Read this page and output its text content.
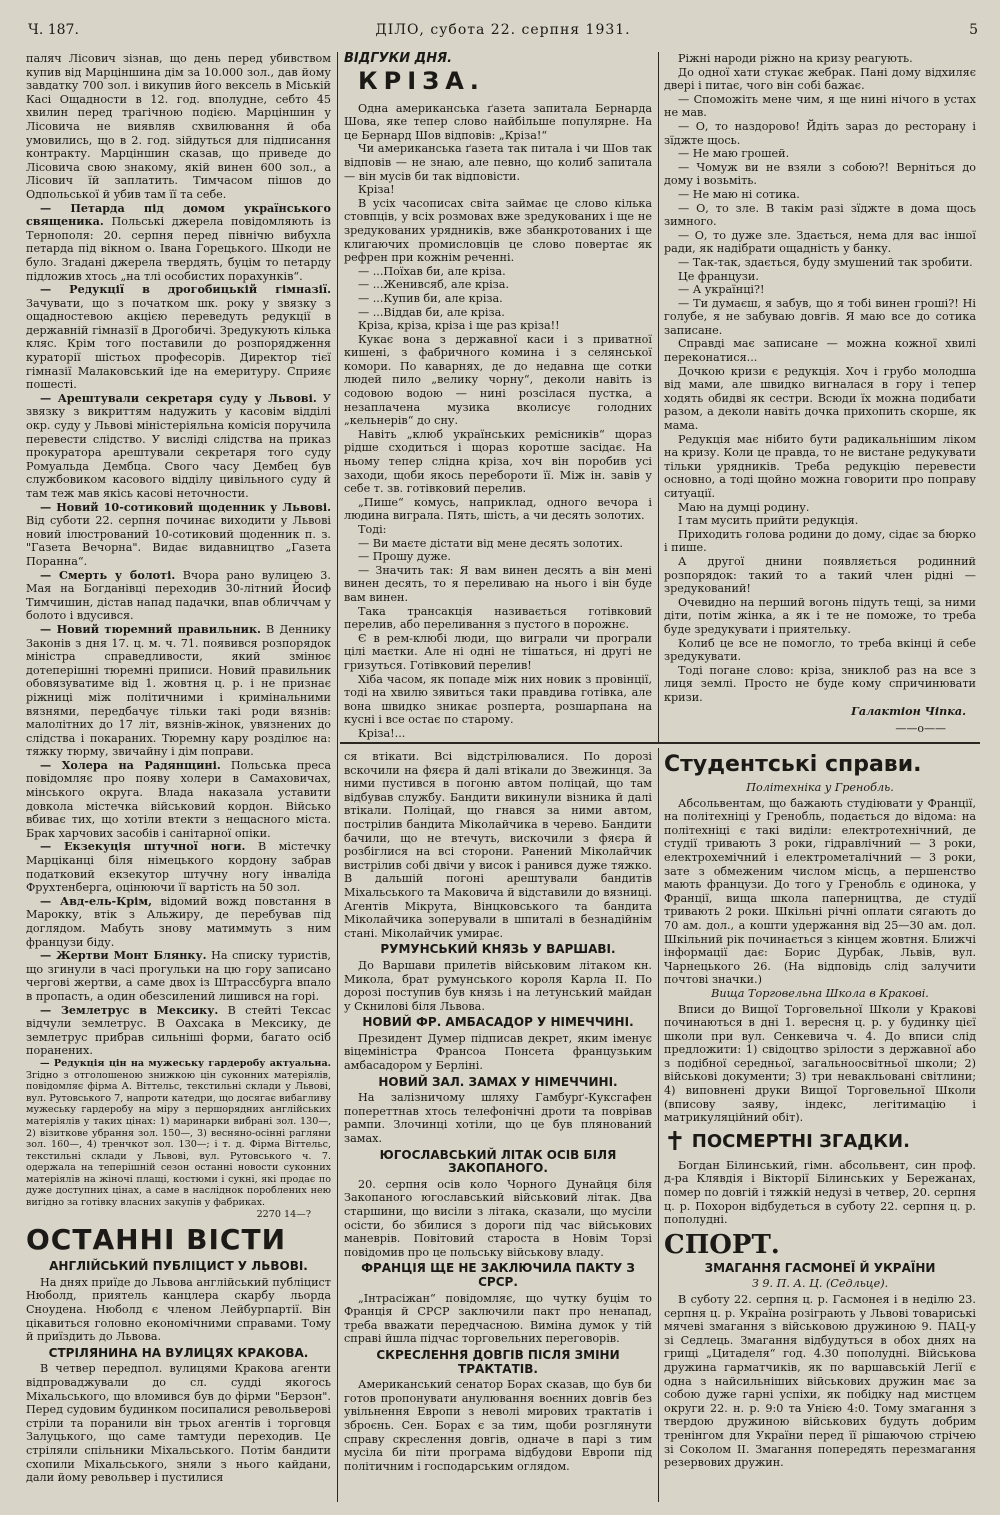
Ч. 187.	ДІЛО, субота 22. серпня 1931.	5

паляч Лісович зізнав, що день перед убивством купив від Марціншина дім за 10.000 зол., дав йому завдатку 700 зол. і викупив його вексель в Міській Касі Ощадности в 12. год. вполудне, себто 45 хвилин перед трагічною подією. Марціншин у Лісовича не виявляв схвилювання й оба умовились, що в 2. год. зійдуться для підписання контракту. Марціншин сказав, що приведе до Лісовича свою знакому, якій винен 600 зол., а Лісович їй заплатить. Тимчасом пішов до Одпольської й убив там її та себе.

— Петарда під домом українського священика. Польські джерела повідомляють із Тернополя: 20. серпня перед північю вибухла петарда під вікном о. Івана Горецького. Шкоди не було. Згадані джерела твердять, буцім то петарду підложив хтось „на тлі особистих порахунків“.

— Редукції в дрогобицькій гімназії. Зачувати, що з початком шк. року у звязку з ощадностевою акцією переведуть редукції в державній гімназії в Дрогобичі. Зредукують кілька кляс. Крім того поставили до розпорядження кураторії шістьох професорів. Директор тієї гімназії Малаковський іде на емеритуру. Сприяє пошесті.

— Арештували секретаря суду у Львові. У звязку з викриттям надужить у касовім відділі окр. суду у Львові міністеріяльна комісія поручила перевести слідство. У висліді слідства на приказ прокуратора арештували секретаря того суду Ромуальда Дембца. Свого часу Дембец був службовиком касового відділу цивільного суду й там теж мав якісь касові неточности.

— Новий 10-сотиковий щоденник у Львові. Від суботи 22. серпня починає виходити у Львові новий ілюстрований 10-сотиковий щоденник п. з. "Газета Вечорна". Видає видавництво „Газета Поранна“.

— Смерть у болоті. Вчора рано вулицею 3. Мая на Богданівці переходив 30-літний Йосиф Тимчишин, дістав напад падачки, впав обличчам у болото і вдусився.

— Новий тюремний правильник. В Деннику Законів з дня 17. ц. м. ч. 71. появився розпорядок міністра справедливости, який змінює дотеперішні тюремні приписи. Новий правильник обовязуватиме від 1. жовтня ц. р. і не признає ріжниці між політичними і кримінальними вязнями, передбачує тільки такі роди вязнів: малолітних до 17 літ, вязнів-жінок, увязнених до слідства і покараних. Тюремну кару розділює на: тяжку тюрму, звичайну і дім поправи.

— Холера на Радянщині. Польська преса повідомляє про появу холери в Самаховичах, мінського округа. Влада наказала уставити довкола містечка військовий кордон. Військо вбиває тих, що хотіли втекти з нещасного міста. Брак харчових засобів і санітарної опіки.

— Екзекуція штучної ноги. В містечку Марціканці біля німецького кордону забрав податковий екзекутор штучну ногу інваліда Фрухтенберга, оцінюючи її вартість на 50 зол.

— Авд-ель-Крім, відомий вожд повстання в Марокку, втік з Альжиру, де перебував під доглядом. Мабуть знову матиммуть з ним французи біду.

— Жертви Монт Блянку. На списку туристів, що згинули в часі прогульки на цю гору записано чергові жертви, а саме двох із Штрассбурга впало в пропасть, а один обезсилений лишився на горі.

— Землетрус в Мексику. В стейті Тексас відчули землетрус. В Оахсака в Мексику, де землетрус прибрав сильніші форми, багато осіб поранених.

— Редукція цін на мужеську гардеробу актуальна. Згідно з отголошеною знижкою цін суконних матеріялів, повідомляє фірма А. Віттельс, текстильні склади у Львові, вул. Рутовського 7, напроти катедри, що досягає вибагливу мужеську гардеробу на міру з першорядних англійських матеріялів у таких цінах: 1) маринарки вибрані зол. 130—, 2) візиткове убрання зол. 150—, 3) весняно-осінні рагляни зол. 160—, 4) тренчкот зол. 130—; і т. д. Фірма Віттельс, текстильні склади у Львові, вул. Рутовського ч. 7. одержала на теперішній сезон останні новости суконних матеріялів на жіночі плащі, костюми і сукні, які продає по дуже доступних цінах, а саме в насліднок пороблених нею вигідно за готівку власних закупів у фабриках.

2270 14—?
ОСТАННІ ВІСТИ
АНГЛІЙСЬКИЙ ПУБЛІЦИСТ У ЛЬВОВІ.

На днях приїде до Львова англійський публіцист Нюболд, приятель канцлера скарбу льорда Сноудена. Нюболд є членом Лейбурпартії. Він цікавиться головно економічними справами. Тому й приїздить до Львова.

СТРІЛЯНИНА НА ВУЛИЦЯХ КРАКОВА.

В четвер передпол. вулицями Кракова агенти відпроваджували до сл. судді якогось Міхальського, що вломився був до фірми "Берзон". Перед судовим будинком посипалися револьверові стріли та поранили він трьох агентів і торговця Залуцького, що саме тамтуди переходив. Це стріляли спільники Міхальського. Потім бандити схопили Міхальського, зняли з нього кайдани, дали йому револьвер і пустилися

ВІДГУКИ ДНЯ.
КРІЗА.

Одна американська ґазета запитала Бернарда Шова, яке тепер слово найбільше популярне. На це Бернард Шов відповів: „Кріза!“

Чи американська ґазета так питала і чи Шов так відповів — не знаю, але певно, що колиб запитала — він мусів би так відповісти.

Кріза!

В усіх часописах світа займає це слово кілька стовпців, у всіх розмовах вже зредукованих і ще не зредукованих урядників, вже збанкротованих і ще клигаючих промисловців це слово повертає як рефрен при кожнім реченні.

— ...Поїхав би, але кріза.

— ...Женивсяб, але кріза.

— ...Купив би, але кріза.

— ...Віддав би, але кріза.

Кріза, кріза, кріза і ще раз кріза!!

Кукає вона з державної каси і з приватної кишені, з фабричного комина і з селянської комори. По каварнях, де до недавна ще сотки людей пило „велику чорну“, деколи навіть із содовою водою — нині розсілася пустка, а незаплачена музика вколисує голодних „кельнерів“ до сну.

Навіть „клюб українських ремісників“ щораз рідше сходиться і щораз коротше засідає. На ньому тепер слідна кріза, хоч він поробив усі заходи, щоби якось перебороти її. Між ін. завів у себе т. зв. готівковий перелив.

„Пише“ комусь, наприклад, одного вечора і людина виграла. Пять, шість, а чи десять золотих.

Тоді:

— Ви маєте дістати від мене десять золотих.

— Прошу дуже.

— Значить так: Я вам винен десять а він мені винен десять, то я переливаю на нього і він буде вам винен.

Така трансакція називається готівковий перелив, або переливання з пустого в порожнє.

Є в рем-клюбі люди, що виграли чи програли цілі маєтки. Але ні одні не тішаться, ні другі не гризуться. Готівковий перелив!

Хіба часом, як попаде між них новик з провінції, тоді на хвилю зявиться таки правдива готівка, але вона швидко зникає розперта, розшарпана на кусні і все остає по старому.

Кріза!...

Ріжні народи ріжно на кризу реагують.

До одної хати стукає жебрак. Пані дому відхиляє двері і питає, чого він собі бажає.

— Споможіть мене чим, я ще нині нічого в устах не мав.

— О, то наздорово! Йдіть зараз до ресторану і зїджте щось.

— Не маю грошей.

— Чомуж ви не взяли з собою?! Верніться до дому і возьміть.

— Не маю ні сотика.

— О, то зле. В такім разі зїджте в дома щось зимного.

— О, то дуже зле. Здається, нема для вас іншої ради, як надібрати ощадність у банку.

— Так-так, здається, буду змушений так зробити.

Це французи.

— А українці?!

— Ти думаєш, я забув, що я тобі винен гроші?! Ні голубе, я не забуваю довгів. Я маю все до сотика записане.

Справді має записане — можна кожної хвилі переконатися...

Дочкою кризи є редукція. Хоч і грубо молодша від мами, але швидко вигналася в гору і тепер ходять обидві як сестри. Всюди їх можна подибати разом, а деколи навіть дочка прихопить скорше, як мама.

Редукція має нібито бути радикальнішим ліком на кризу. Коли це правда, то не вистане редукувати тільки урядників. Треба редукцію перевести основно, а тоді щойно можна говорити про поправу ситуації.

Маю на думці родину.

І там мусить прийти редукція.

Приходить голова родини до дому, сідає за бюрко і пише.

А другої днини появляється родинний розпорядок: такий то а такий член рідні — зредукований!

Очевидно на перший вогонь підуть тещі, за ними діти, потім жінка, а як і те не поможе, то треба буде зредукувати і приятельку.

Колиб це все не помогло, то треба вкінці й себе зредукувати.

Тоді погане слово: кріза, зниклоб раз на все з лиця землі. Просто не буде кому спричинювати кризи.

Галактіон Чіпка.

——о——

ся втікати. Всі відстрілювалися. По дорозі вскочили на фяєра й далі втікали до Звежинця. За ними пустився в погоню автом поліцай, що там відбував службу. Бандити викинули візника й далі втікали. Поліцай, що гнався за ними автом, пострілив бандита Міколайчика в черево. Бандити бачили, що не втечуть, вискочили з фяєра й розбіглися на всі сторони. Ранений Міколайчик вистрілив собі двічи у висок і ранився дуже тяжко. В дальшій погоні арештували бандитів Міхальського та Маковича й відставили до вязниці. Агентів Мікрута, Вінцковського та бандита Міколайчика зоперували в шпиталі в безнадійнім стані. Міколайчик умирає.

РУМУНСЬКИЙ КНЯЗЬ У ВАРШАВІ.

До Варшави прилетів військовим літаком кн. Микола, брат румунського короля Карла II. По дорозі поступив був князь і на летунський майдан у Скнилові біля Львова.

НОВИЙ ФР. АМБАСАДОР У НІМЕЧЧИНІ.

Президент Думер підписав декрет, яким іменує віцеміністра Франсоа Понсета французьким амбасадором у Берліні.

НОВИЙ ЗАЛ. ЗАМАХ У НІМЕЧЧИНІ.

На залізничому шляху Гамбурґ-Куксгафен попереттнав хтось телефонічні дроти та поврівав рампи. Злочинці хотіли, що це був плянований замах.

ЮГОСЛАВСЬКИЙ ЛІТАК ОСІВ БІЛЯ ЗАКОПАНОГО.

20. серпня осів коло Чорного Дунайця біля Закопаного югославський військовий літак. Два старшини, що висіли з літака, сказали, що мусіли осісти, бо збилися з дороги під час військових маневрів. Повітовий староста в Новім Торзі повідомив про це польську військову владу.

ФРАНЦІЯ ЩЕ НЕ ЗАКЛЮЧИЛА ПАКТУ З СРСР.

„Інтрасіжан“ повідомляє, що чутку буцім то Франція й СРСР заключили пакт про ненапад, треба вважати передчасною. Виміна думок у тій справі йшла підчас торговельних переговорів.

СКРЕСЛЕННЯ ДОВГІВ ПІСЛЯ ЗМІНИ ТРАКТАТІВ.

Американський сенатор Борах сказав, що був би готов пропонувати анулювання воєнних довгів без увільнення Европи з неволі мирових трактатів і зброєнь. Сен. Борах є за тим, щоби розглянути справу скреслення довгів, одначе в парі з тим мусіла би піти програма відбудови Европи під політичним і господарським оглядом.

Студентські справи.
Політехніка у Гренобль.

Абсольвентам, що бажають студіювати у Франції, на політехніці у Гренобль, подається до відома: на політехніці є такі виділи: електротехнічний, де студії тривають 3 роки, гідравлічний — 3 роки, електрохемічний і електрометалічний — 3 роки, зате з обмеженим числом місць, а першенство мають французи. До того у Гренобль є одинока, у Франції, вища школа паперництва, де студії тривають 2 роки. Шкільні річні оплати сягають до 70 ам. дол., а кошти удержання від 25—30 ам. дол. Шкільний рік починається з кінцем жовтня. Ближчі інформації дає: Борис Дурбак, Львів, вул. Чарнецького 26. (На відповідь слід залучити почтові значки.)

Вища Торговельна Школа в Кракові.

Вписи до Вищої Торговельної Школи у Кракові починаються в дні 1. вересня ц. р. у будинку цієї школи при вул. Сенкевича ч. 4. До вписи слід предложити: 1) свідоцтво зрілости з державної або з подібної середньої, загальноосвітньої школи; 2) військові документи; 3) три невакльовані світлини; 4) виповнені друки Вищої Торговельної Школи (вписову заяву, індекс, легітимацію і матрикуляційний обіт).

✝ ПОСМЕРТНІ ЗГАДКИ.

Богдан Білинський, гімн. абсольвент, син проф. д-ра Клявдія і Вікторії Білинських у Бережанах, помер по довгій і тяжкій недузі в четвер, 20. серпня ц. р. Похорон відбудеться в суботу 22. серпня ц. р. пополудні.

СПОРТ.
ЗМАГАННЯ ГАСМОНЕЇ Й УКРАЇНИ
З 9. П. А. Ц. (Седльце).

В суботу 22. серпня ц. р. Гасмонея і в неділю 23. серпня ц. р. Україна розіграють у Львові товариські мячеві змагання з військовою дружиною 9. ПАЦ-у зі Седлець. Змагання відбудуться в обох днях на грищі „Цитаделя“ год. 4.30 пополудні. Військова дружина гарматчиків, як по варшавській Легії є одна з найсильніших військових дружин має за собою дуже гарні успіхи, як побідку над мистцем округи 22. н. р. 9:0 та Унією 4:0. Тому змагання з твердою дружиною військових будуть добрим тренінгом для України перед її рішаючою стрічею зі Соколом II. Змагання попередять перезмагання резервових дружин.
